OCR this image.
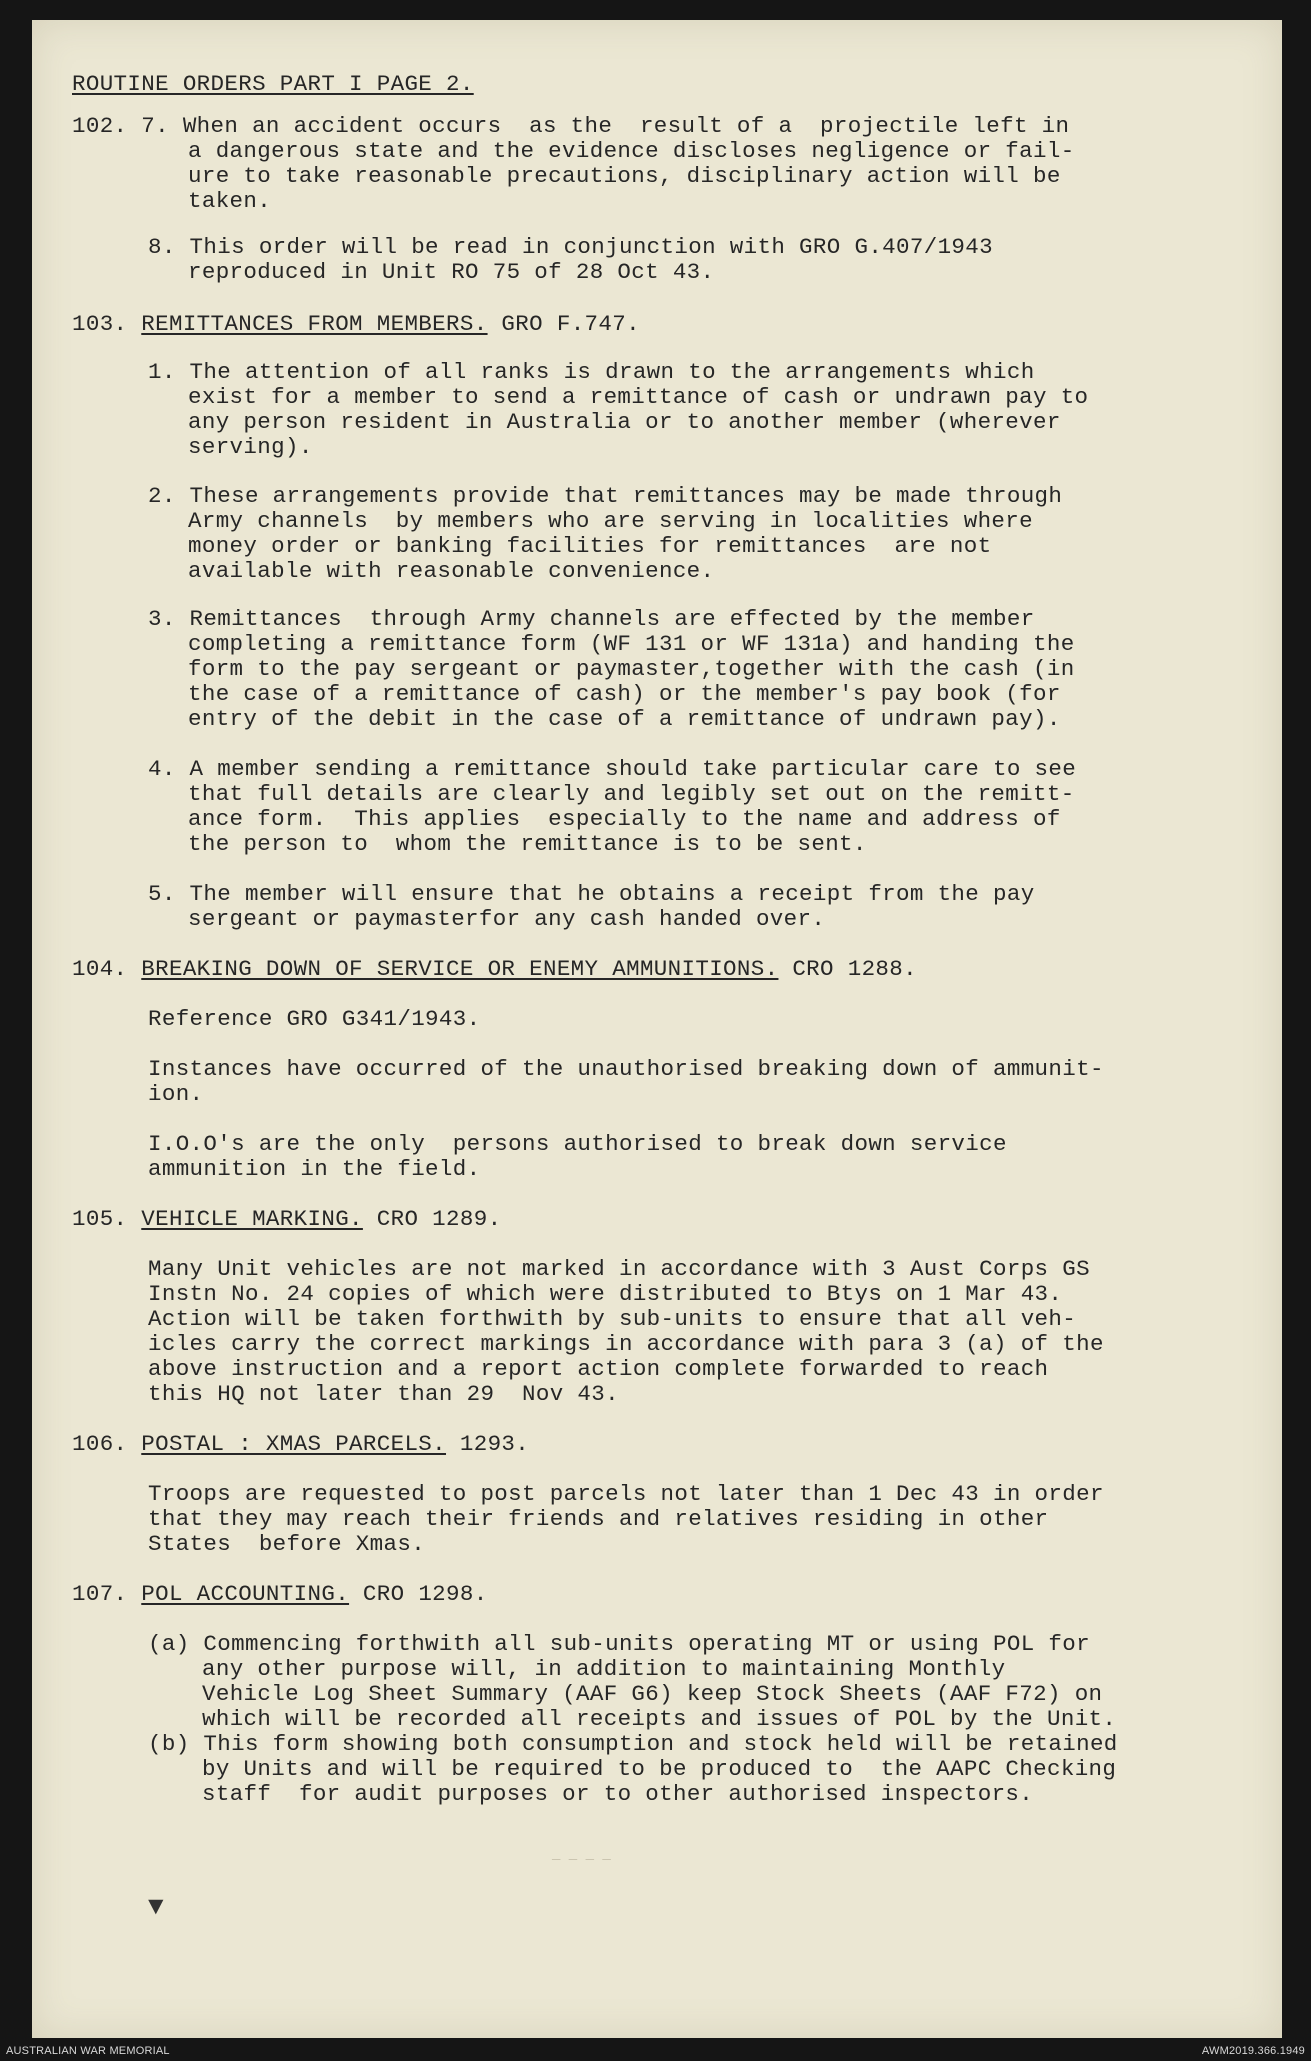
ROUTINE ORDERS PART I PAGE 2.
102. 7. When an accident occurs  as the  result of a  projectile left in
a dangerous state and the evidence discloses negligence or fail-
ure to take reasonable precautions, disciplinary action will be
taken.
8. This order will be read in conjunction with GRO G.407/1943
reproduced in Unit RO 75 of 28 Oct 43.
103. REMITTANCES FROM MEMBERS. GRO F.747.
1. The attention of all ranks is drawn to the arrangements which
exist for a member to send a remittance of cash or undrawn pay to
any person resident in Australia or to another member (wherever
serving).
2. These arrangements provide that remittances may be made through
Army channels  by members who are serving in localities where
money order or banking facilities for remittances  are not
available with reasonable convenience.
3. Remittances  through Army channels are effected by the member
completing a remittance form (WF 131 or WF 131a) and handing the
form to the pay sergeant or paymaster,together with the cash (in
the case of a remittance of cash) or the member's pay book (for
entry of the debit in the case of a remittance of undrawn pay).
4. A member sending a remittance should take particular care to see
that full details are clearly and legibly set out on the remitt-
ance form.  This applies  especially to the name and address of
the person to  whom the remittance is to be sent.
5. The member will ensure that he obtains a receipt from the pay
sergeant or paymasterfor any cash handed over.
104. BREAKING DOWN OF SERVICE OR ENEMY AMMUNITIONS. CRO 1288.
Reference GRO G341/1943.
Instances have occurred of the unauthorised breaking down of ammunit-
ion.
I.O.O's are the only  persons authorised to break down service
ammunition in the field.
105. VEHICLE MARKING. CRO 1289.
Many Unit vehicles are not marked in accordance with 3 Aust Corps GS
Instn No. 24 copies of which were distributed to Btys on 1 Mar 43.
Action will be taken forthwith by sub-units to ensure that all veh-
icles carry the correct markings in accordance with para 3 (a) of the
above instruction and a report action complete forwarded to reach
this HQ not later than 29  Nov 43.
106. POSTAL : XMAS PARCELS. 1293.
Troops are requested to post parcels not later than 1 Dec 43 in order
that they may reach their friends and relatives residing in other
States  before Xmas.
107. POL ACCOUNTING. CRO 1298.
(a) Commencing forthwith all sub-units operating MT or using POL for
any other purpose will, in addition to maintaining Monthly
Vehicle Log Sheet Summary (AAF G6) keep Stock Sheets (AAF F72) on
which will be recorded all receipts and issues of POL by the Unit.
(b) This form showing both consumption and stock held will be retained
by Units and will be required to be produced to  the AAPC Checking
staff  for audit purposes or to other authorised inspectors.
▼
— — — —
AUSTRALIAN WAR MEMORIAL	AWM2019.366.1949
